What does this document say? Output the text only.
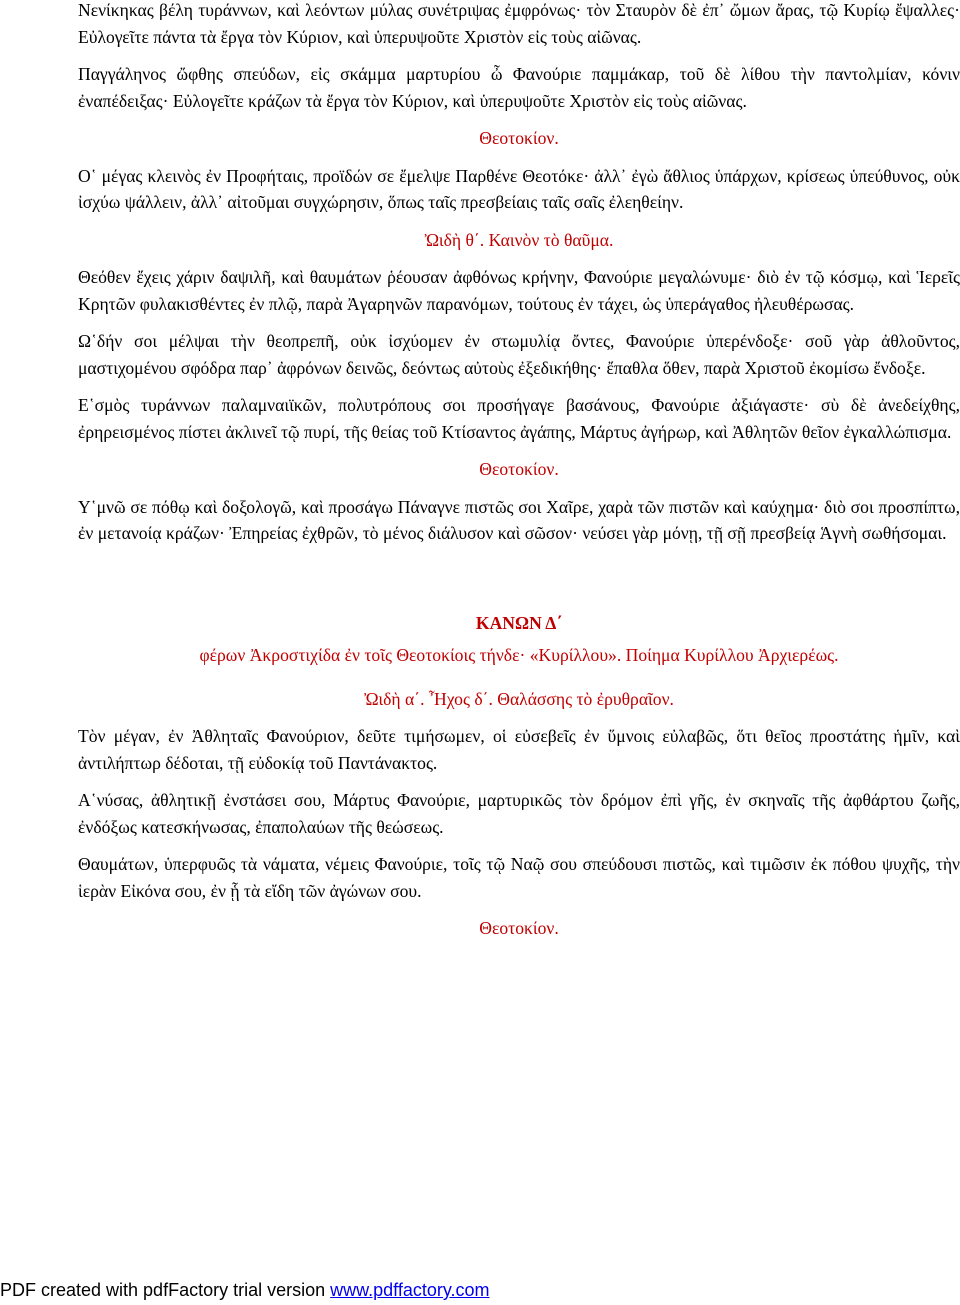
Νενίκηκας βέλη τυράννων, καὶ λεόντων μύλας συνέτριψας ἐμφρόνως· τὸν Σταυρὸν δὲ ἐπ᾽ ὤμων ἄρας, τῷ Κυρίῳ ἔψαλλες· Εὐλογεῖτε πάντα τὰ ἔργα τὸν Κύριον, καὶ ὑπερυψοῦτε Χριστὸν εἰς τοὺς αἰῶνας.

Παγγάληνος ὤφθης σπεύδων, εἰς σκάμμα μαρτυρίου ὦ Φανούριε παμμάκαρ, τοῦ δὲ λίθου τὴν παντολμίαν, κόνιν ἐναπέδειξας· Εὐλογεῖτε κράζων τὰ ἔργα τὸν Κύριον, καὶ ὑπερυψοῦτε Χριστὸν εἰς τοὺς αἰῶνας.

Θεοτοκίον.

Ο῾ μέγας κλεινὸς ἐν Προφήταις, προϊδών σε ἔμελψε Παρθένε Θεοτόκε· ἀλλ᾽ ἐγὼ ἄθλιος ὑπάρχων, κρίσεως ὑπεύθυνος, οὐκ ἰσχύω ψάλλειν, ἀλλ᾽ αἰτοῦμαι συγχώρησιν, ὅπως ταῖς πρεσβείαις ταῖς σαῖς ἐλεηθείην.

Ὠιδὴ θ΄. Καινὸν τὸ θαῦμα.

Θεόθεν ἔχεις χάριν δαψιλῆ, καὶ θαυμάτων ῥέουσαν ἀφθόνως κρήνην, Φανούριε μεγαλώνυμε· διὸ ἐν τῷ κόσμῳ, καὶ Ἱερεῖς Κρητῶν φυλακισθέντες ἐν πλῷ, παρὰ Ἀγαρηνῶν παρανόμων, τούτους ἐν τάχει, ὡς ὑπεράγαθος ἠλευθέρωσας.

Ω῾δήν σοι μέλψαι τὴν θεοπρεπῆ, οὐκ ἰσχύομεν ἐν στωμυλίᾳ ὄντες, Φανούριε ὑπερένδοξε· σοῦ γὰρ ἀθλοῦντος, μαστιχομένου σφόδρα παρ᾽ ἀφρόνων δεινῶς, δεόντως αὐτοὺς ἐξεδικήθης· ἔπαθλα ὅθεν, παρὰ Χριστοῦ ἐκομίσω ἔνδοξε.

Ε῾σμὸς τυράννων παλαμναιϊκῶν, πολυτρόπους σοι προσήγαγε βασάνους, Φανούριε ἀξιάγαστε· σὺ δὲ ἀνεδείχθης, ἐρηρεισμένος πίστει ἀκλινεῖ τῷ πυρί, τῆς θείας τοῦ Κτίσαντος ἀγάπης, Μάρτυς ἀγήρωρ, καὶ Ἀθλητῶν θεῖον ἐγκαλλώπισμα.

Θεοτοκίον.

Υ῾μνῶ σε πόθῳ καὶ δοξολογῶ, καὶ προσάγω Πάναγνε πιστῶς σοι Χαῖρε, χαρὰ τῶν πιστῶν καὶ καύχημα· διὸ σοι προσπίπτω, ἐν μετανοίᾳ κράζων· Ἐπηρείας ἐχθρῶν, τὸ μένος διάλυσον καὶ σῶσον· νεύσει γὰρ μόνῃ, τῇ σῇ πρεσβείᾳ Ἁγνὴ σωθήσομαι.

ΚΑΝΩΝ Δ΄

φέρων Ἀκροστιχίδα ἐν τοῖς Θεοτοκίοις τήνδε· «Κυρίλλου». Ποίημα Κυρίλλου Ἀρχιερέως.

Ὠιδὴ α΄. Ἦχος δ΄. Θαλάσσης τὸ ἐρυθραῖον.

Τὸν μέγαν, ἐν Ἀθληταῖς Φανούριον, δεῦτε τιμήσωμεν, οἱ εὐσεβεῖς ἐν ὕμνοις εὐλαβῶς, ὅτι θεῖος προστάτης ἡμῖν, καὶ ἀντιλήπτωρ δέδοται, τῇ εὐδοκίᾳ τοῦ Παντάνακτος.

Α῾νύσας, ἀθλητικῇ ἐνστάσει σου, Μάρτυς Φανούριε, μαρτυρικῶς τὸν δρόμον ἐπὶ γῆς, ἐν σκηναῖς τῆς ἀφθάρτου ζωῆς, ἐνδόξως κατεσκήνωσας, ἐπαπολαύων τῆς θεώσεως.

Θαυμάτων, ὑπερφυῶς τὰ νάματα, νέμεις Φανούριε, τοῖς τῷ Ναῷ σου σπεύδουσι πιστῶς, καὶ τιμῶσιν ἐκ πόθου ψυχῆς, τὴν ἱερὰν Εἰκόνα σου, ἐν ᾗ τὰ εἴδη τῶν ἀγώνων σου.

Θεοτοκίον.

PDF created with pdfFactory trial version www.pdffactory.com
